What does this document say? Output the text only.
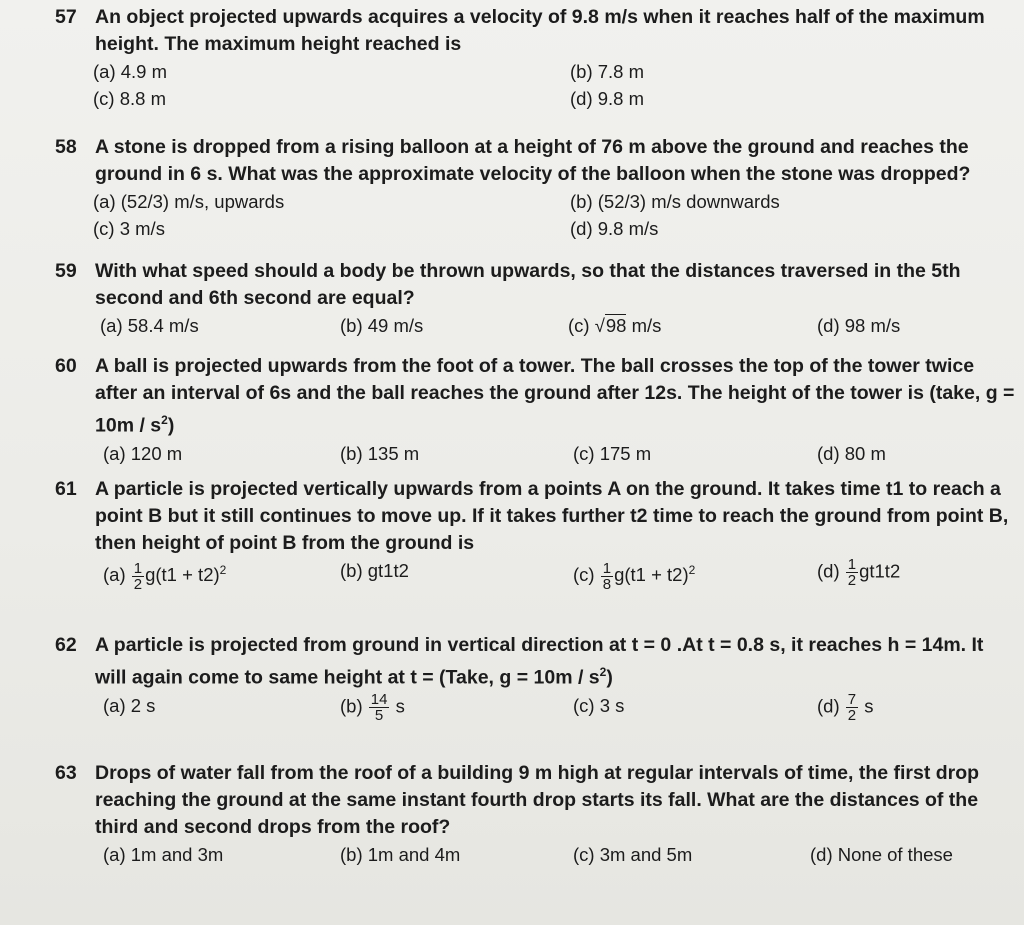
57 An object projected upwards acquires a velocity of 9.8 m/s when it reaches half of the maximum height. The maximum height reached is
(a) 4.9 m	(b) 7.8 m
(c) 8.8 m	(d) 9.8 m
58 A stone is dropped from a rising balloon at a height of 76 m above the ground and reaches the ground in 6 s. What was the approximate velocity of the balloon when the stone was dropped?
(a) (52/3) m/s, upwards	(b) (52/3) m/s downwards
(c) 3 m/s	(d) 9.8 m/s
59 With what speed should a body be thrown upwards, so that the distances traversed in the 5th second and 6th second are equal?
(a) 58.4 m/s	(b) 49 m/s	(c) √98 m/s	(d) 98 m/s
60 A ball is projected upwards from the foot of a tower. The ball crosses the top of the tower twice after an interval of 6s and the ball reaches the ground after 12s. The height of the tower is (take, $g = 10m / s^2$)
(a) 120 m	(b) 135 m	(c) 175 m	(d) 80 m
61 A particle is projected vertically upwards from a points A on the ground. It takes time t1 to reach a point B but it still continues to move up. If it takes further t2 time to reach the ground from point B, then height of point B from the ground is
$(a) \frac{1}{2} g(t1 + t2)^2$	(b) gt1t2	$(c) \frac{1}{8} g(t1 + t2)^2$	$(d) \frac{1}{2} gt1t2$
62 A particle is projected from ground in vertical direction at t = 0 .At t = 0.8 s, it reaches h = 14m. It will again come to same height at t = (Take, $g = 10m / s^2$)
(a) 2 s	$(b) \frac{14}{5}$ s	(c) 3 s	$(d) \frac{7}{2}$ s
63 Drops of water fall from the roof of a building 9 m high at regular intervals of time, the first drop reaching the ground at the same instant fourth drop starts its fall. What are the distances of the third and second drops from the roof?
(a) 1m and 3m	(b) 1m and 4m	(c) 3m and 5m	(d) None of these
